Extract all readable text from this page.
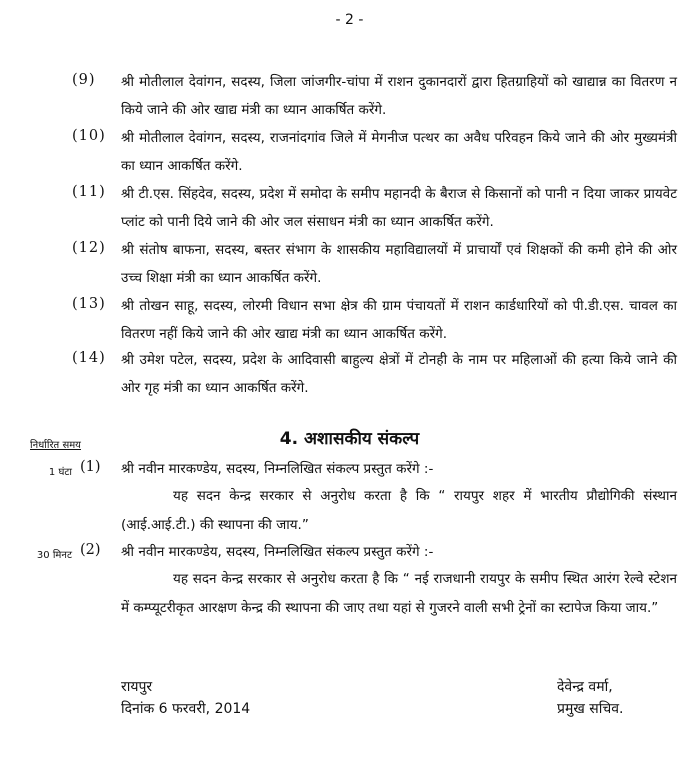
- 2 -
(9)	श्री मोतीलाल देवांगन, सदस्य, जिला जांजगीर-चांपा में राशन दुकानदारों द्वारा हितग्राहियों को खाद्यान्न का वितरण न किये जाने की ओर खाद्य मंत्री का ध्यान आकर्षित करेंगे.
(10)	श्री मोतीलाल देवांगन, सदस्य, राजनांदगांव जिले में मेगनीज पत्थर का अवैध परिवहन किये जाने की ओर मुख्यमंत्री का ध्यान आकर्षित करेंगे.
(11)	श्री टी.एस. सिंहदेव, सदस्य, प्रदेश में समोदा के समीप महानदी के बैराज से किसानों को पानी न दिया जाकर प्रायवेट प्लांट को पानी दिये जाने की ओर जल संसाधन मंत्री का ध्यान आकर्षित करेंगे.
(12)	श्री संतोष बाफना, सदस्य, बस्तर संभाग के शासकीय महाविद्यालयों में प्राचार्यों एवं शिक्षकों की कमी होने की ओर उच्च शिक्षा मंत्री का ध्यान आकर्षित करेंगे.
(13)	श्री तोखन साहू, सदस्य, लोरमी विधान सभा क्षेत्र की ग्राम पंचायतों में राशन कार्डधारियों को पी.डी.एस. चावल का वितरण नहीं किये जाने की ओर खाद्य मंत्री का ध्यान आकर्षित करेंगे.
(14)	श्री उमेश पटेल, सदस्य, प्रदेश के आदिवासी बाहुल्य क्षेत्रों में टोनही के नाम पर महिलाओं की हत्या किये जाने की ओर गृह मंत्री का ध्यान आकर्षित करेंगे.
4. अशासकीय संकल्प
निर्धारित समय
1 घंटा (1) श्री नवीन मारकण्डेय, सदस्य, निम्नलिखित संकल्प प्रस्तुत करेंगे :-
यह सदन केन्द्र सरकार से अनुरोध करता है कि “ रायपुर शहर में भारतीय प्रौद्योगिकी संस्थान (आई.आई.टी.) की स्थापना की जाय.”
30 मिनट (2) श्री नवीन मारकण्डेय, सदस्य, निम्नलिखित संकल्प प्रस्तुत करेंगे :-
यह सदन केन्द्र सरकार से अनुरोध करता है कि “ नई राजधानी रायपुर के समीप स्थित आरंग रेल्वे स्टेशन में कम्प्यूटरीकृत आरक्षण केन्द्र की स्थापना की जाए तथा यहां से गुजरने वाली सभी ट्रेनों का स्टापेज किया जाय.”
रायपुर
दिनांक 6 फरवरी, 2014
देवेन्द्र वर्मा,
प्रमुख सचिव.
